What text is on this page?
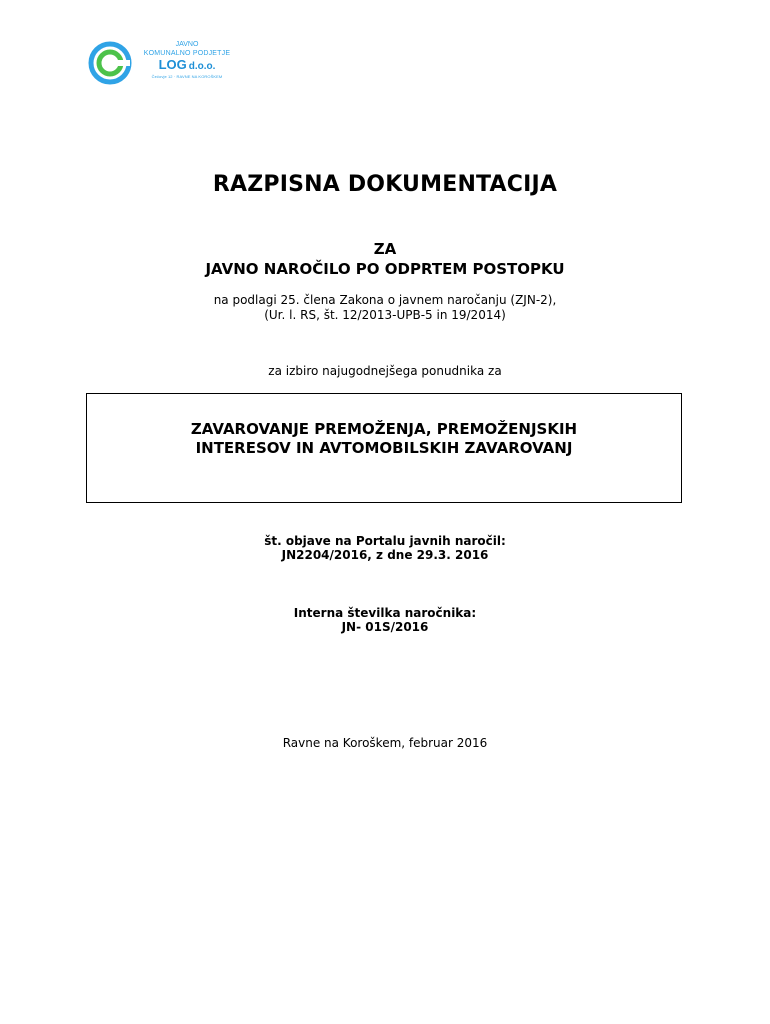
JAVNO
KOMUNALNO PODJETJE
LOG d.o.o.
Čečovje 12 · RAVNE NA KOROŠKEM
RAZPISNA DOKUMENTACIJA
ZA
JAVNO NAROČILO PO ODPRTEM POSTOPKU
na podlagi 25. člena Zakona o javnem naročanju (ZJN-2),
(Ur. l. RS, št. 12/2013-UPB-5 in 19/2014)
za izbiro najugodnejšega ponudnika za
ZAVAROVANJE PREMOŽENJA, PREMOŽENJSKIH
INTERESOV IN AVTOMOBILSKIH ZAVAROVANJ
št. objave na Portalu javnih naročil:
JN2204/2016, z dne 29.3. 2016
Interna številka naročnika:
JN- 01S/2016
Ravne na Koroškem, februar 2016
